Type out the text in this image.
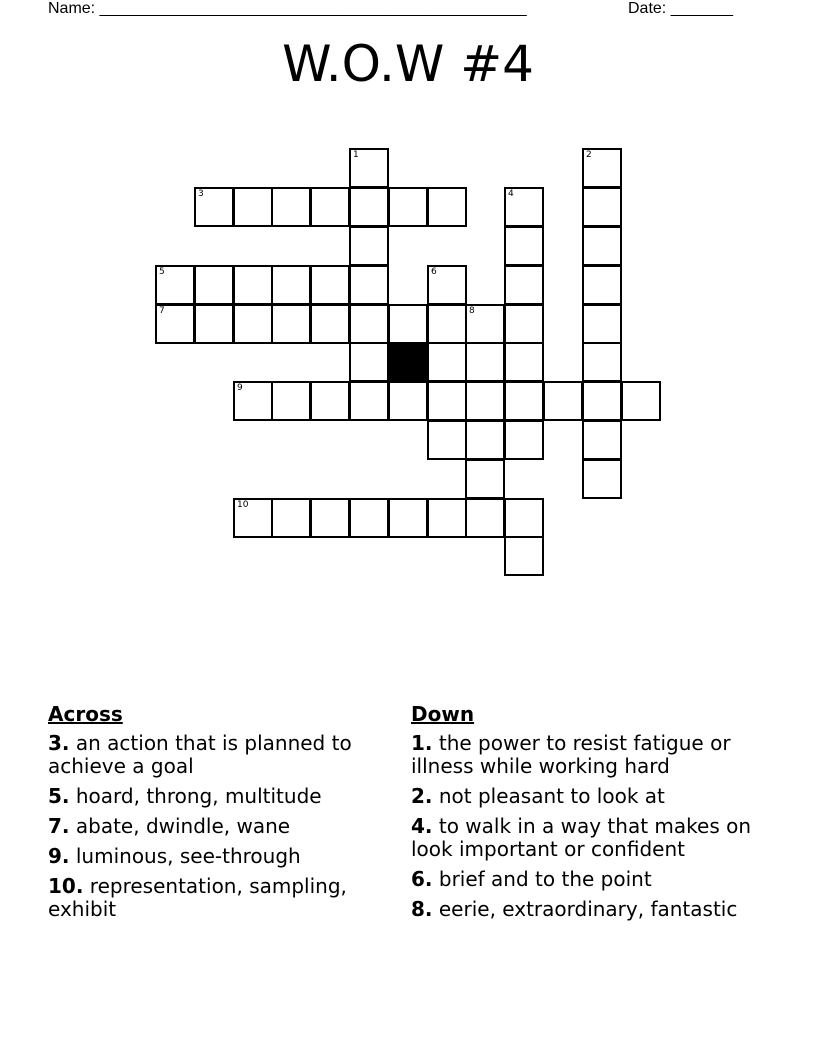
Name: ________________________________________________	Date: _______
W.O.W #4
1	2
3	4
5	6
7	8
9
10
Across
3. an action that is planned to achieve a goal
5. hoard, throng, multitude
7. abate, dwindle, wane
9. luminous, see-through
10. representation, sampling, exhibit
Down
1. the power to resist fatigue or illness while working hard
2. not pleasant to look at
4. to walk in a way that makes on look important or confident
6. brief and to the point
8. eerie, extraordinary, fantastic
